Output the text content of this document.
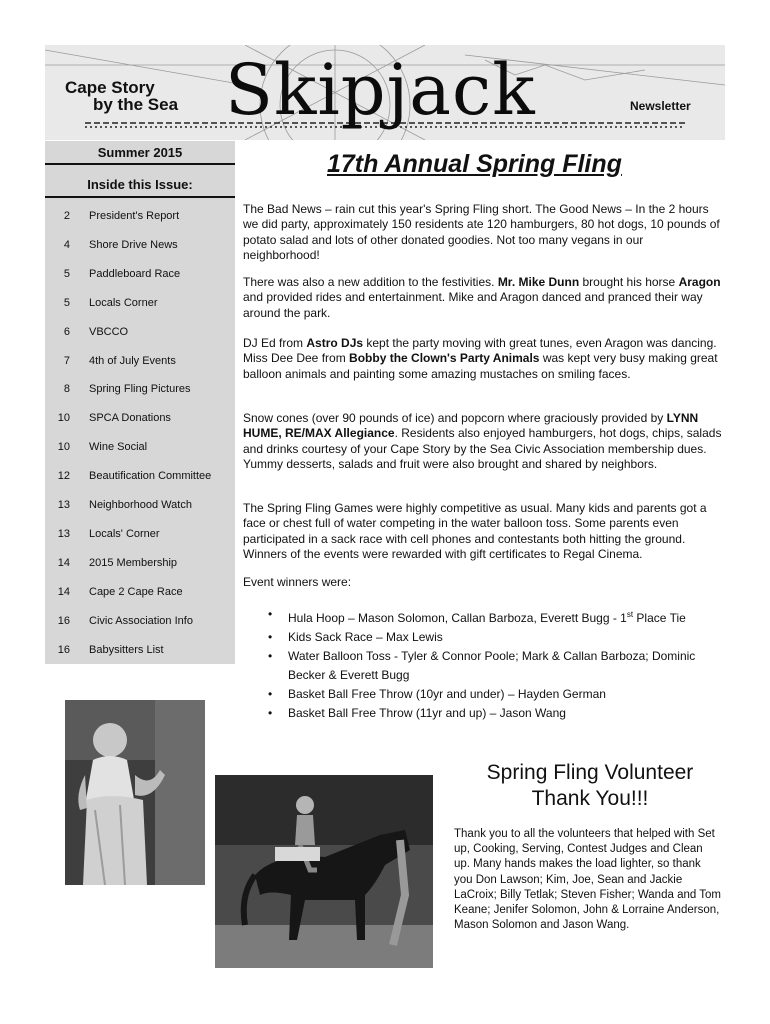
Cape Story
by the Sea Skipjack	Newsletter
Summer 2015
Inside this Issue:
2 President's Report
4 Shore Drive News
5 Paddleboard Race
5 Locals Corner
6 VBCCO
7 4th of July Events
8 Spring Fling Pictures
10 SPCA Donations
10 Wine Social
12 Beautification Committee
13 Neighborhood Watch
13 Locals' Corner
14 2015 Membership
14 Cape 2 Cape Race
16 Civic Association Info
16 Babysitters List
17th Annual Spring Fling

The Bad News – rain cut this year's Spring Fling short. The Good News – In the 2 hours we did party, approximately 150 residents ate 120 hamburgers, 80 hot dogs, 10 pounds of potato salad and lots of other donated goodies. Not too many vegans in our neighborhood!

There was also a new addition to the festivities. Mr. Mike Dunn brought his horse Aragon and provided rides and entertainment. Mike and Aragon danced and pranced their way around the park.

DJ Ed from Astro DJs kept the party moving with great tunes, even Aragon was dancing. Miss Dee Dee from Bobby the Clown's Party Animals was kept very busy making great balloon animals and painting some amazing mustaches on smiling faces.

Snow cones (over 90 pounds of ice) and popcorn where graciously provided by LYNN HUME, RE/MAX Allegiance. Residents also enjoyed hamburgers, hot dogs, chips, salads and drinks courtesy of your Cape Story by the Sea Civic Association membership dues. Yummy desserts, salads and fruit were also brought and shared by neighbors.

The Spring Fling Games were highly competitive as usual. Many kids and parents got a face or chest full of water competing in the water balloon toss. Some parents even participated in a sack race with cell phones and contestants both hitting the ground. Winners of the events were rewarded with gift certificates to Regal Cinema.

Event winners were:

• Hula Hoop – Mason Solomon, Callan Barboza, Everett Bugg - 1st Place Tie
• Kids Sack Race – Max Lewis
• Water Balloon Toss - Tyler & Connor Poole; Mark & Callan Barboza; Dominic
Becker & Everett Bugg
• Basket Ball Free Throw (10yr and under) – Hayden German
• Basket Ball Free Throw (11yr and up) – Jason Wang
Spring Fling Volunteer
Thank You!!!
Thank you to all the volunteers that helped with Set up, Cooking, Serving, Contest Judges and Clean up. Many hands makes the load lighter, so thank you Don Lawson; Kim, Joe, Sean and Jackie LaCroix; Billy Tetlak; Steven Fisher; Wanda and Tom Keane; Jenifer Solomon, John & Lorraine Anderson, Mason Solomon and Jason Wang.
